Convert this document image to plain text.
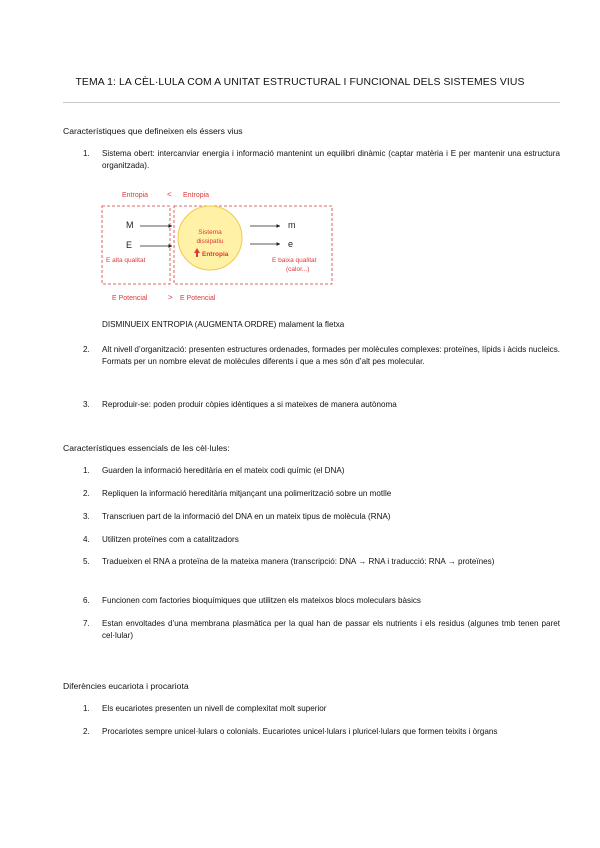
TEMA 1: LA CÈL·LULA COM A UNITAT ESTRUCTURAL I FUNCIONAL DELS SISTEMES VIUS
Característiques que defineixen els éssers vius
1. Sistema obert: intercanviar energia i informació mantenint un equilibri dinàmic (captar matèria i E per mantenir una estructura organitzada).
Entropia < Entropia
M
E
E alta qualitat
Sistema
dissipatiu
Entropia
m
e
E baixa qualitat
(calor...)
E Potencial	> E Potencial
DISMINUEIX ENTROPIA (AUGMENTA ORDRE) malament la fletxa
2. Alt nivell d’organització: presenten estructures ordenades, formades per molècules complexes: proteïnes, lípids i àcids nucleics. Formats per un nombre elevat de molècules diferents i que a mes són d’alt pes molecular.
3. Reproduir-se: poden produir còpies idèntiques a si mateixes de manera autònoma
Característiques essencials de les cèl·lules:
1. Guarden la informació hereditària en el mateix codi químic (el DNA)
2. Repliquen la informació hereditària mitjançant una polimerització sobre un motlle
3. Transcriuen part de la informació del DNA en un mateix tipus de molècula (RNA)
4. Utilitzen proteïnes com a catalitzadors
5. Tradueixen el RNA a proteïna de la mateixa manera (transcripció: DNA → RNA i traducció: RNA → proteïnes)
6. Funcionen com factories bioquímiques que utilitzen els mateixos blocs moleculars bàsics
7. Estan envoltades d’una membrana plasmàtica per la qual han de passar els nutrients i els residus (algunes tmb tenen paret cel·lular)
Diferències eucariota i procariota
1. Els eucariotes presenten un nivell de complexitat molt superior
2. Procariotes sempre unicel·lulars o colonials. Eucariotes unicel·lulars i pluricel·lulars que formen teixits i òrgans
